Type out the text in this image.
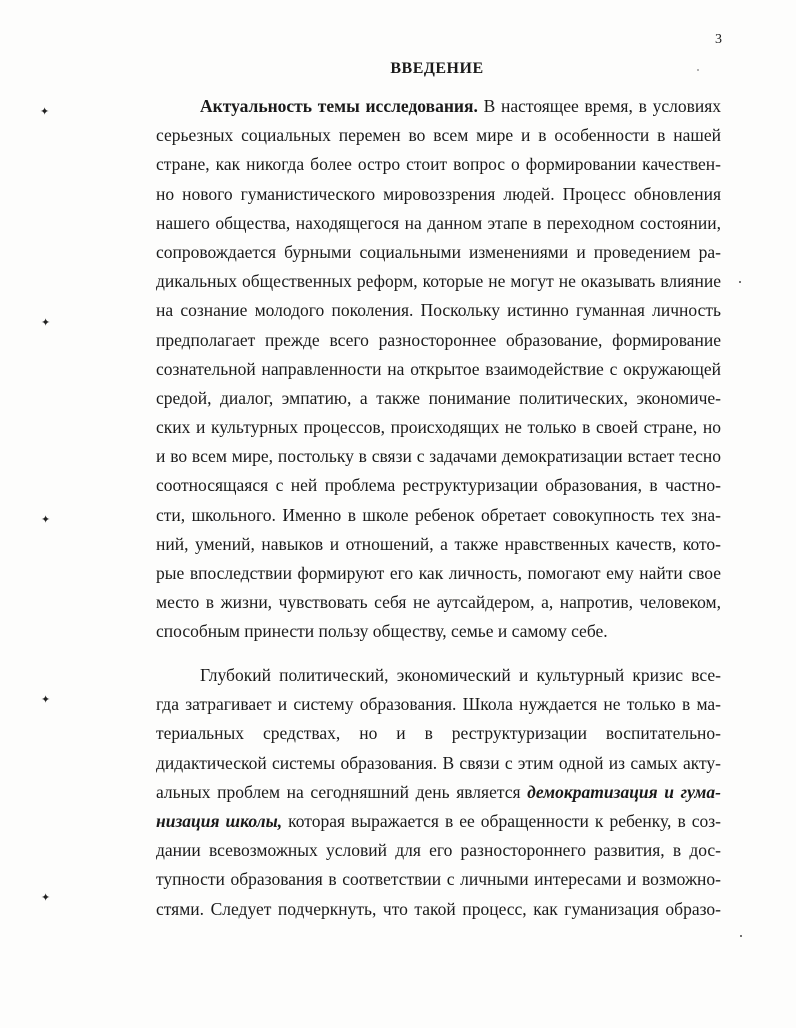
3
ВВЕДЕНИЕ
Актуальность темы исследования. В настоящее время, в условиях
серьезных социальных перемен во всем мире и в особенности в нашей
стране, как никогда более остро стоит вопрос о формировании качествен-
но нового гуманистического мировоззрения людей. Процесс обновления
нашего общества, находящегося на данном этапе в переходном состоянии,
сопровождается бурными социальными изменениями и проведением ра-
дикальных общественных реформ, которые не могут не оказывать влияние
на сознание молодого поколения. Поскольку истинно гуманная личность
предполагает прежде всего разностороннее образование, формирование
сознательной направленности на открытое взаимодействие с окружающей
средой, диалог, эмпатию, а также понимание политических, экономиче-
ских и культурных процессов, происходящих не только в своей стране, но
и во всем мире, постольку в связи с задачами демократизации встает тесно
соотносящаяся с ней проблема реструктуризации образования, в частно-
сти, школьного. Именно в школе ребенок обретает совокупность тех зна-
ний, умений, навыков и отношений, а также нравственных качеств, кото-
рые впоследствии формируют его как личность, помогают ему найти свое
место в жизни, чувствовать себя не аутсайдером, а, напротив, человеком,
способным принести пользу обществу, семье и самому себе.
Глубокий политический, экономический и культурный кризис все-
гда затрагивает и систему образования. Школа нуждается не только в ма-
териальных средствах, но и в реструктуризации воспитательно-
дидактической системы образования. В связи с этим одной из самых акту-
альных проблем на сегодняшний день является демократизация и гума-
низация школы, которая выражается в ее обращенности к ребенку, в соз-
дании всевозможных условий для его разностороннего развития, в дос-
тупности образования в соответствии с личными интересами и возможно-
стями. Следует подчеркнуть, что такой процесс, как гуманизация образо-
✦
✦
✦
✦
✦
